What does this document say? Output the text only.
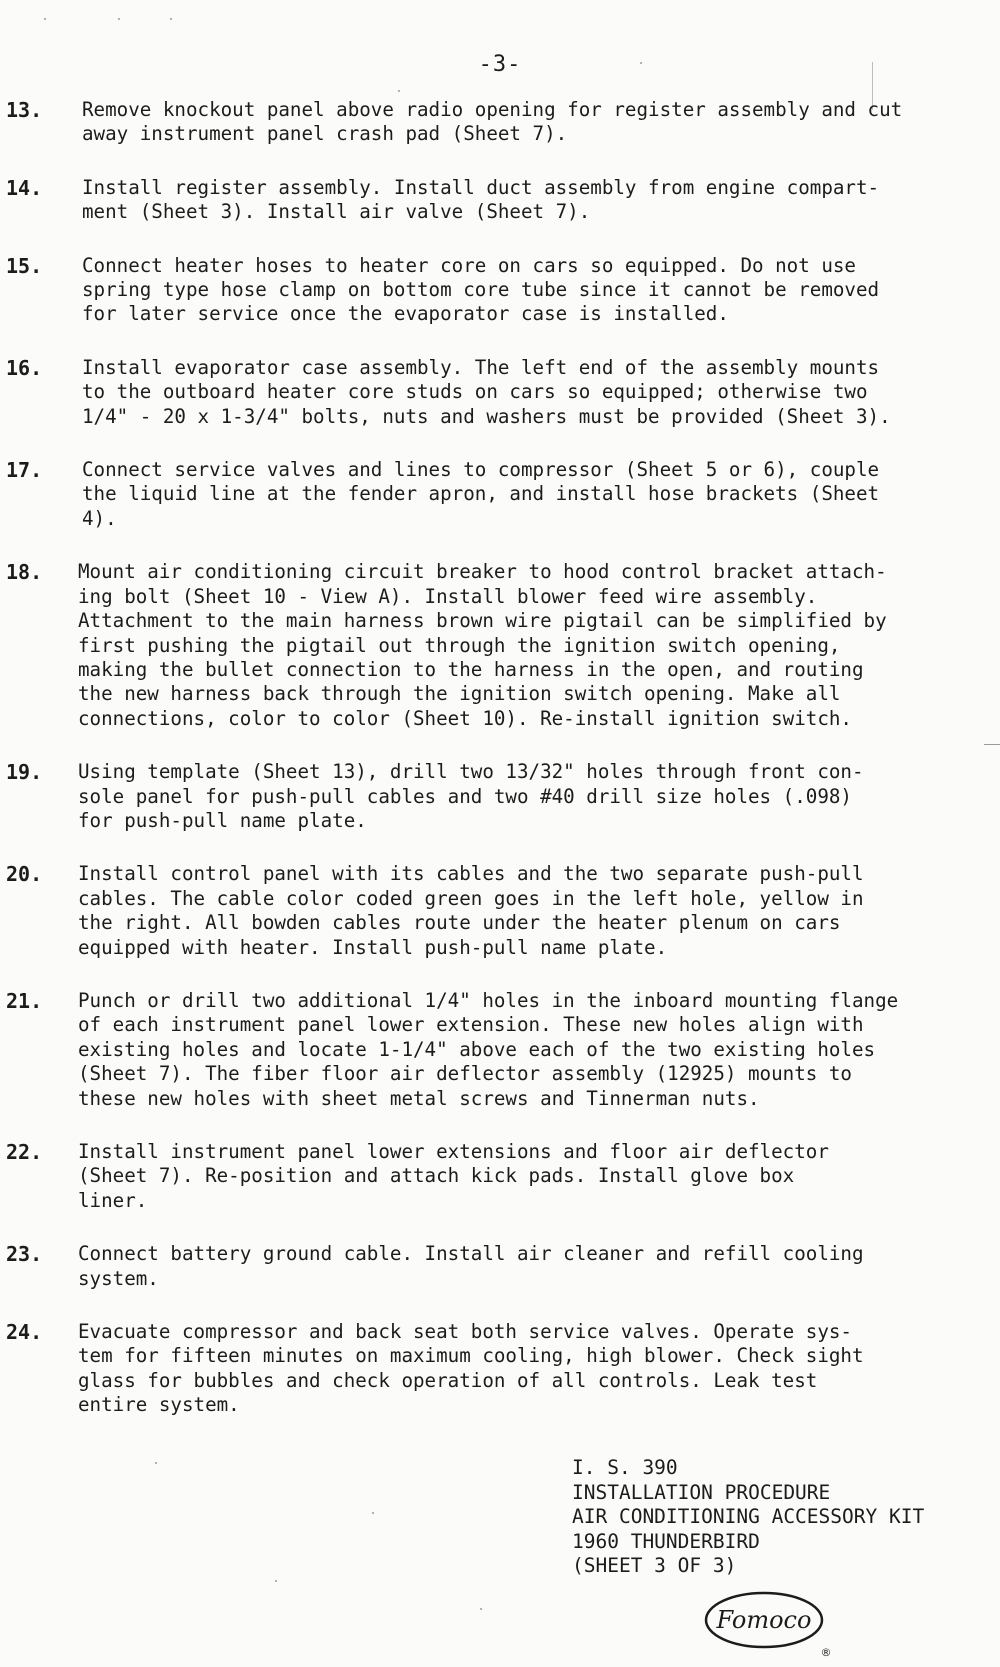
-3-
13. Remove knockout panel above radio opening for register assembly and cut
away instrument panel crash pad (Sheet 7).
14. Install register assembly. Install duct assembly from engine compart-
ment (Sheet 3). Install air valve (Sheet 7).
15. Connect heater hoses to heater core on cars so equipped. Do not use
spring type hose clamp on bottom core tube since it cannot be removed
for later service once the evaporator case is installed.
16. Install evaporator case assembly. The left end of the assembly mounts
to the outboard heater core studs on cars so equipped; otherwise two
1/4" - 20 x 1-3/4" bolts, nuts and washers must be provided (Sheet 3).
17. Connect service valves and lines to compressor (Sheet 5 or 6), couple
the liquid line at the fender apron, and install hose brackets (Sheet
4).
18. Mount air conditioning circuit breaker to hood control bracket attach-
ing bolt (Sheet 10 - View A). Install blower feed wire assembly.
Attachment to the main harness brown wire pigtail can be simplified by
first pushing the pigtail out through the ignition switch opening,
making the bullet connection to the harness in the open, and routing
the new harness back through the ignition switch opening. Make all
connections, color to color (Sheet 10). Re-install ignition switch.
19. Using template (Sheet 13), drill two 13/32" holes through front con-
sole panel for push-pull cables and two #40 drill size holes (.098)
for push-pull name plate.
20. Install control panel with its cables and the two separate push-pull
cables. The cable color coded green goes in the left hole, yellow in
the right. All bowden cables route under the heater plenum on cars
equipped with heater. Install push-pull name plate.
21. Punch or drill two additional 1/4" holes in the inboard mounting flange
of each instrument panel lower extension. These new holes align with
existing holes and locate 1-1/4" above each of the two existing holes
(Sheet 7). The fiber floor air deflector assembly (12925) mounts to
these new holes with sheet metal screws and Tinnerman nuts.
22. Install instrument panel lower extensions and floor air deflector
(Sheet 7). Re-position and attach kick pads. Install glove box
liner.
23. Connect battery ground cable. Install air cleaner and refill cooling
system.
24. Evacuate compressor and back seat both service valves. Operate sys-
tem for fifteen minutes on maximum cooling, high blower. Check sight
glass for bubbles and check operation of all controls. Leak test
entire system.
I. S. 390
INSTALLATION PROCEDURE
AIR CONDITIONING ACCESSORY KIT
1960 THUNDERBIRD
(SHEET 3 OF 3)
Fomoco
®
